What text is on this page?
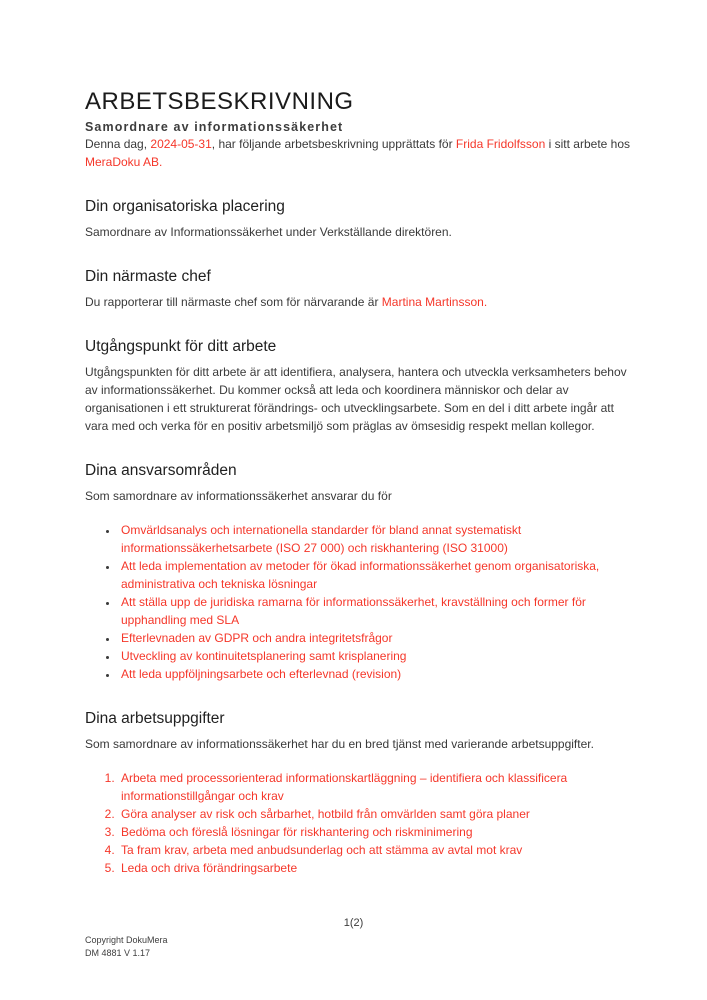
ARBETSBESKRIVNING
Samordnare av informationssäkerhet

Denna dag, 2024-05-31, har följande arbetsbeskrivning upprättats för Frida Fridolfsson i sitt arbete hos MeraDoku AB.

Din organisatoriska placering

Samordnare av Informationssäkerhet under Verkställande direktören.

Din närmaste chef

Du rapporterar till närmaste chef som för närvarande är Martina Martinsson.

Utgångspunkt för ditt arbete

Utgångspunkten för ditt arbete är att identifiera, analysera, hantera och utveckla verksamheters behov av informationssäkerhet. Du kommer också att leda och koordinera människor och delar av organisationen i ett strukturerat förändrings- och utvecklingsarbete. Som en del i ditt arbete ingår att vara med och verka för en positiv arbetsmiljö som präglas av ömsesidig respekt mellan kollegor.

Dina ansvarsområden

Som samordnare av informationssäkerhet ansvarar du för

• Omvärldsanalys och internationella standarder för bland annat systematiskt informationssäkerhetsarbete (ISO 27 000) och riskhantering (ISO 31000)
• Att leda implementation av metoder för ökad informationssäkerhet genom organisatoriska, administrativa och tekniska lösningar
• Att ställa upp de juridiska ramarna för informationssäkerhet, kravställning och former för upphandling med SLA
• Efterlevnaden av GDPR och andra integritetsfrågor
• Utveckling av kontinuitetsplanering samt krisplanering
• Att leda uppföljningsarbete och efterlevnad (revision)
Dina arbetsuppgifter

Som samordnare av informationssäkerhet har du en bred tjänst med varierande arbetsuppgifter.

1. Arbeta med processorienterad informationskartläggning – identifiera och klassificera informationstillgångar och krav
2. Göra analyser av risk och sårbarhet, hotbild från omvärlden samt göra planer
3. Bedöma och föreslå lösningar för riskhantering och riskminimering
4. Ta fram krav, arbeta med anbudsunderlag och att stämma av avtal mot krav
5. Leda och driva förändringsarbete
1(2)
Copyright DokuMera
DM 4881 V 1.17
